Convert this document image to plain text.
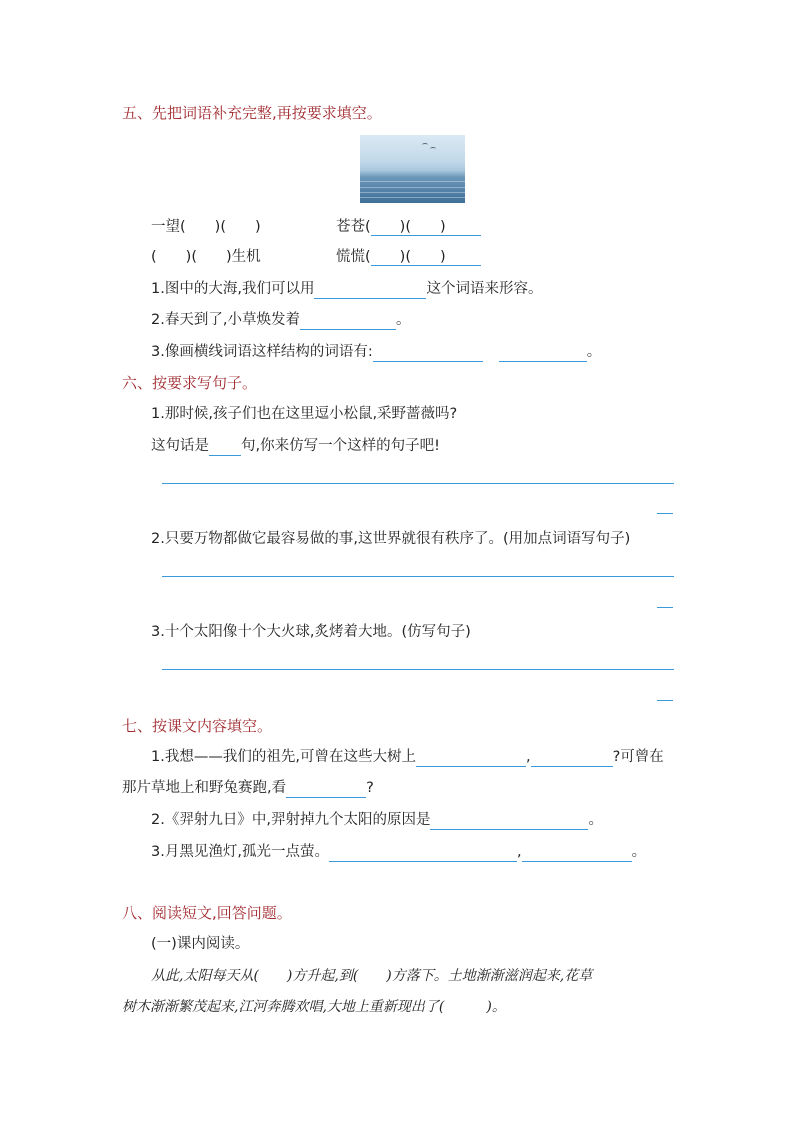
五、先把词语补充完整,再按要求填空。
一望(　　)(　　)	苍苍(　　)(　　)
(　　)(　　)生机	慌慌(　　)(　　)
1.图中的大海,我们可以用	这个词语来形容。
2.春天到了,小草焕发着	。
3.像画横线词语这样结构的词语有:	。
六、按要求写句子。
1.那时候,孩子们也在这里逗小松鼠,采野蔷薇吗?
这句话是 句,你来仿写一个这样的句子吧!
2.只要万物都做它最容易做的事,这世界就很有秩序了。(用加点词语写句子)
3.十个太阳像十个大火球,炙烤着大地。(仿写句子)
七、按课文内容填空。
1.我想——我们的祖先,可曾在这些大树上	,	?可曾在
那片草地上和野兔赛跑,看	?
2.《羿射九日》中,羿射掉九个太阳的原因是	。
3.月黑见渔灯,孤光一点萤。	,	。
八、阅读短文,回答问题。
(一)课内阅读。
从此,太阳每天从(　　)方升起,到(　　)方落下。土地渐渐滋润起来,花草
树木渐渐繁茂起来,江河奔腾欢唱,大地上重新现出了(　　　)。
